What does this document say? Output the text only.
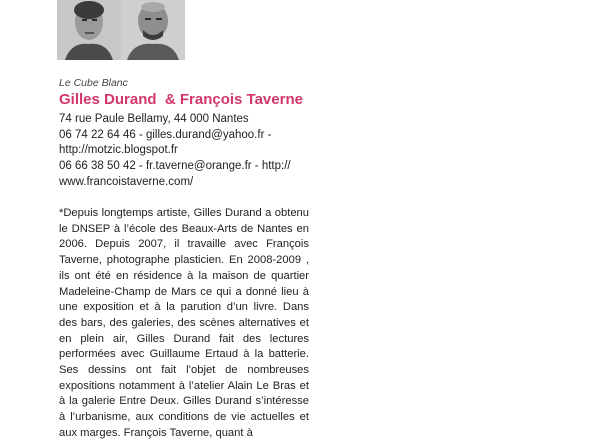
Le Cube Blanc
Gilles Durand  & François Taverne
74 rue Paule Bellamy, 44 000 Nantes
06 74 22 64 46 - gilles.durand@yahoo.fr -
http://motzic.blogspot.fr
06 66 38 50 42 - fr.taverne@orange.fr - http://
www.francoistaverne.com/
*Depuis longtemps artiste, Gilles Durand a obtenu le DNSEP à l’école des Beaux-Arts de Nantes en 2006. Depuis 2007, il travaille avec François Taverne, photographe plasticien. En 2008-2009 , ils ont été en résidence à la maison de quartier Madeleine-Champ de Mars ce qui a donné lieu à une exposition et à la parution d’un livre. Dans des bars, des galeries, des scènes alternatives et en plein air, Gilles Durand fait des lectures performées avec Guillaume Ertaud à la batterie. Ses dessins ont fait l’objet de nombreuses expositions notamment à l’atelier Alain Le Bras et à la galerie Entre Deux. Gilles Durand s’intéresse à l’urbanisme, aux conditions de vie actuelles et aux marges. François Taverne, quant à
